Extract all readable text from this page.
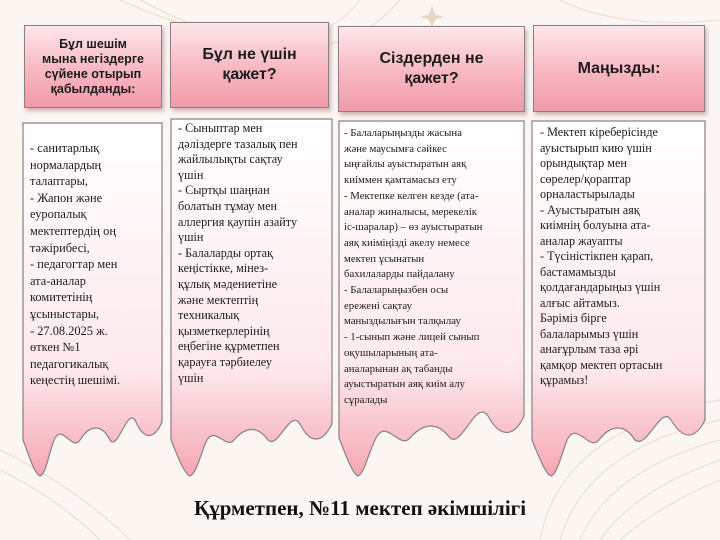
Бұл шешім
мына негіздерге
сүйене отырып
қабылданды:
- санитарлық
нормалардың
талаптары,
- Жапон және
еуропалық
мектептердің оң
тәжірибесі,
- педагогтар мен
ата-аналар
комитетінің
ұсыныстары,
- 27.08.2025 ж.
өткен №1
педагогикалық
кеңестің шешімі.
Бұл не үшін
қажет?
- Сыныптар мен
дәліздерге тазалық пен
жайлылықты сақтау
үшін
- Сыртқы шаңнан
болатын тұмау мен
аллергия қаупін азайту
үшін
- Балаларды ортақ
кеңістікке, мінез-
құлық мәдениетіне
және мектептің
техникалық
қызметкерлерінің
еңбегіне құрметпен
қарауға тәрбиелеу
үшін
Сіздерден не
қажет?
- Балаларыңызды жасына
және маусымға сәйкес
ыңғайлы ауыстыратын аяқ
киіммен қамтамасыз ету
- Мектепке келген кезде (ата-
аналар жиналысы, мерекелік
іс-шаралар) – өз ауыстыратын
аяқ киіміңізді әкелу немесе
мектеп ұсынатын
бахилаларды пайдалану
- Балаларыңызбен осы
ережені сақтау
маныздылығын талқылау
- 1-сынып және лицей сынып
оқушыларының ата-
аналарынан ақ табанды
ауыстыратын аяқ киім алу
сұралады
Маңызды:
- Мектеп кіреберісінде
ауыстырып кию үшін
орындықтар мен
сөрелер/қораптар
орналастырылады
- Ауыстыратын аяқ
киімнің болуына ата-
аналар жауапты
- Түсіністікпен қарап,
бастамамызды
қолдағандарыңыз үшін
алғыс айтамыз.
Бәріміз бірге
балаларымыз үшін
анағұрлым таза әрі
қамқор мектеп ортасын
құрамыз!
Құрметпен, №11 мектеп әкімшілігі
